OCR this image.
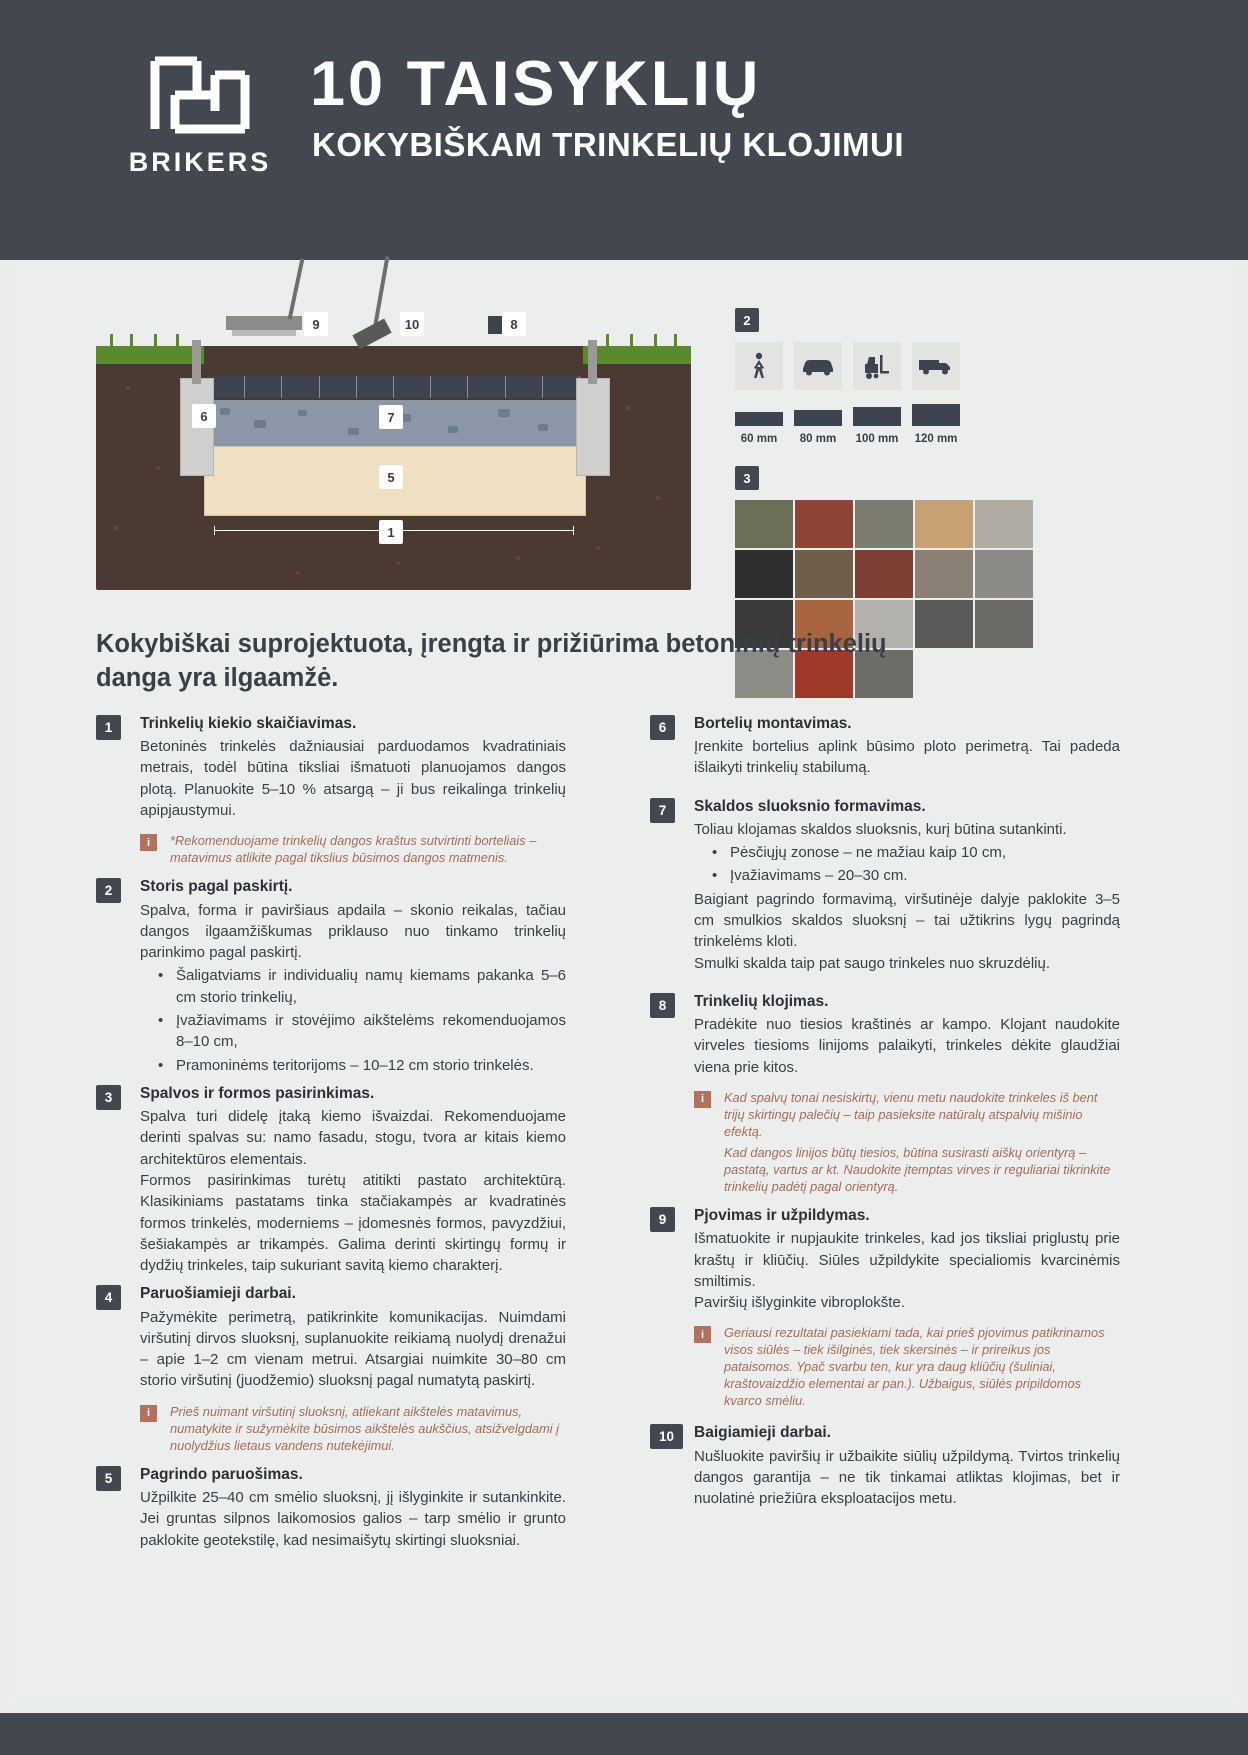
BRIKERS
10 TAISYKLIŲ
KOKYBIŠKAM TRINKELIŲ KLOJIMUI
9	10	8
6	7
5
1
2
60 mm	80 mm	100 mm 120 mm
3
Kokybiškai suprojektuota, įrengta ir prižiūrima betoninių trinkelių danga yra ilgaamžė.
1	Trinkelių kiekio skaičiavimas.
Betoninės trinkelės dažniausiai parduodamos kvadratiniais metrais, todėl būtina tiksliai išmatuoti planuojamos dangos plotą. Planuokite 5–10 % atsargą – ji bus reikalinga trinkelių apipjaustymui.
i	*Rekomenduojame trinkelių dangos kraštus sutvirtinti borteliais – matavimus atlikite pagal tikslius būsimos dangos matmenis.
2	Storis pagal paskirtį.
Spalva, forma ir paviršiaus apdaila – skonio reikalas, tačiau dangos ilgaamžiškumas priklauso nuo tinkamo trinkelių parinkimo pagal paskirtį.
• Šaligatviams ir individualių namų kiemams pakanka 5–6 cm storio trinkelių,
• Įvažiavimams ir stovėjimo aikštelėms rekomenduojamos 8–10 cm,
• Pramoninėms teritorijoms – 10–12 cm storio trinkelės.
3	Spalvos ir formos pasirinkimas.
Spalva turi didelę įtaką kiemo išvaizdai. Rekomenduojame derinti spalvas su: namo fasadu, stogu, tvora ar kitais kiemo architektūros elementais.
Formos pasirinkimas turėtų atitikti pastato architektūrą. Klasikiniams pastatams tinka stačiakampės ar kvadratinės formos trinkelės, moderniems – įdomesnės formos, pavyzdžiui, šešiakampės ar trikampės. Galima derinti skirtingų formų ir dydžių trinkeles, taip sukuriant savitą kiemo charakterį.
4	Paruošiamieji darbai.
Pažymėkite perimetrą, patikrinkite komunikacijas. Nuimdami viršutinį dirvos sluoksnį, suplanuokite reikiamą nuolydį drenažui – apie 1–2 cm vienam metrui. Atsargiai nuimkite 30–80 cm storio viršutinį (juodžemio) sluoksnį pagal numatytą paskirtį.
i	Prieš nuimant viršutinį sluoksnį, atliekant aikštelės matavimus, numatykite ir sužymėkite būsimos aikštelės aukščius, atsižvelgdami į nuolydžius lietaus vandens nutekėjimui.
5	Pagrindo paruošimas.
Užpilkite 25–40 cm smėlio sluoksnį, jį išlyginkite ir sutankinkite. Jei gruntas silpnos laikomosios galios – tarp smėlio ir grunto paklokite geotekstilę, kad nesimaišytų skirtingi sluoksniai.
6	Bortelių montavimas.
Įrenkite bortelius aplink būsimo ploto perimetrą. Tai padeda išlaikyti trinkelių stabilumą.
7	Skaldos sluoksnio formavimas.
Toliau klojamas skaldos sluoksnis, kurį būtina sutankinti.
• Pėsčiųjų zonose – ne mažiau kaip 10 cm,
• Įvažiavimams – 20–30 cm.
Baigiant pagrindo formavimą, viršutinėje dalyje paklokite 3–5 cm smulkios skaldos sluoksnį – tai užtikrins lygų pagrindą trinkelėms kloti.
Smulki skalda taip pat saugo trinkeles nuo skruzdėlių.
8	Trinkelių klojimas.
Pradėkite nuo tiesios kraštinės ar kampo. Klojant naudokite virveles tiesioms linijoms palaikyti, trinkeles dėkite glaudžiai viena prie kitos.
i	Kad spalvų tonai nesiskirtų, vienu metu naudokite trinkeles iš bent trijų skirtingų palečių – taip pasieksite natūralų atspalvių mišinio efektą.
Kad dangos linijos būtų tiesios, būtina susirasti aiškų orientyrą – pastatą, vartus ar kt. Naudokite įtemptas virves ir reguliariai tikrinkite trinkelių padėtį pagal orientyrą.
9	Pjovimas ir užpildymas.
Išmatuokite ir nupjaukite trinkeles, kad jos tiksliai priglustų prie kraštų ir kliūčių. Siūles užpildykite specialiomis kvarcinėmis smiltimis.
Paviršių išlyginkite vibroplokšte.
i	Geriausi rezultatai pasiekiami tada, kai prieš pjovimus patikrinamos visos siūlės – tiek išilginės, tiek skersinės – ir prireikus jos pataisomos. Ypač svarbu ten, kur yra daug kliūčių (šuliniai, kraštovaizdžio elementai ar pan.). Užbaigus, siūlės pripildomos kvarco smėliu.
10	Baigiamieji darbai.
Nušluokite paviršių ir užbaikite siūlių užpildymą. Tvirtos trinkelių dangos garantija – ne tik tinkamai atliktas klojimas, bet ir nuolatinė priežiūra eksploatacijos metu.
